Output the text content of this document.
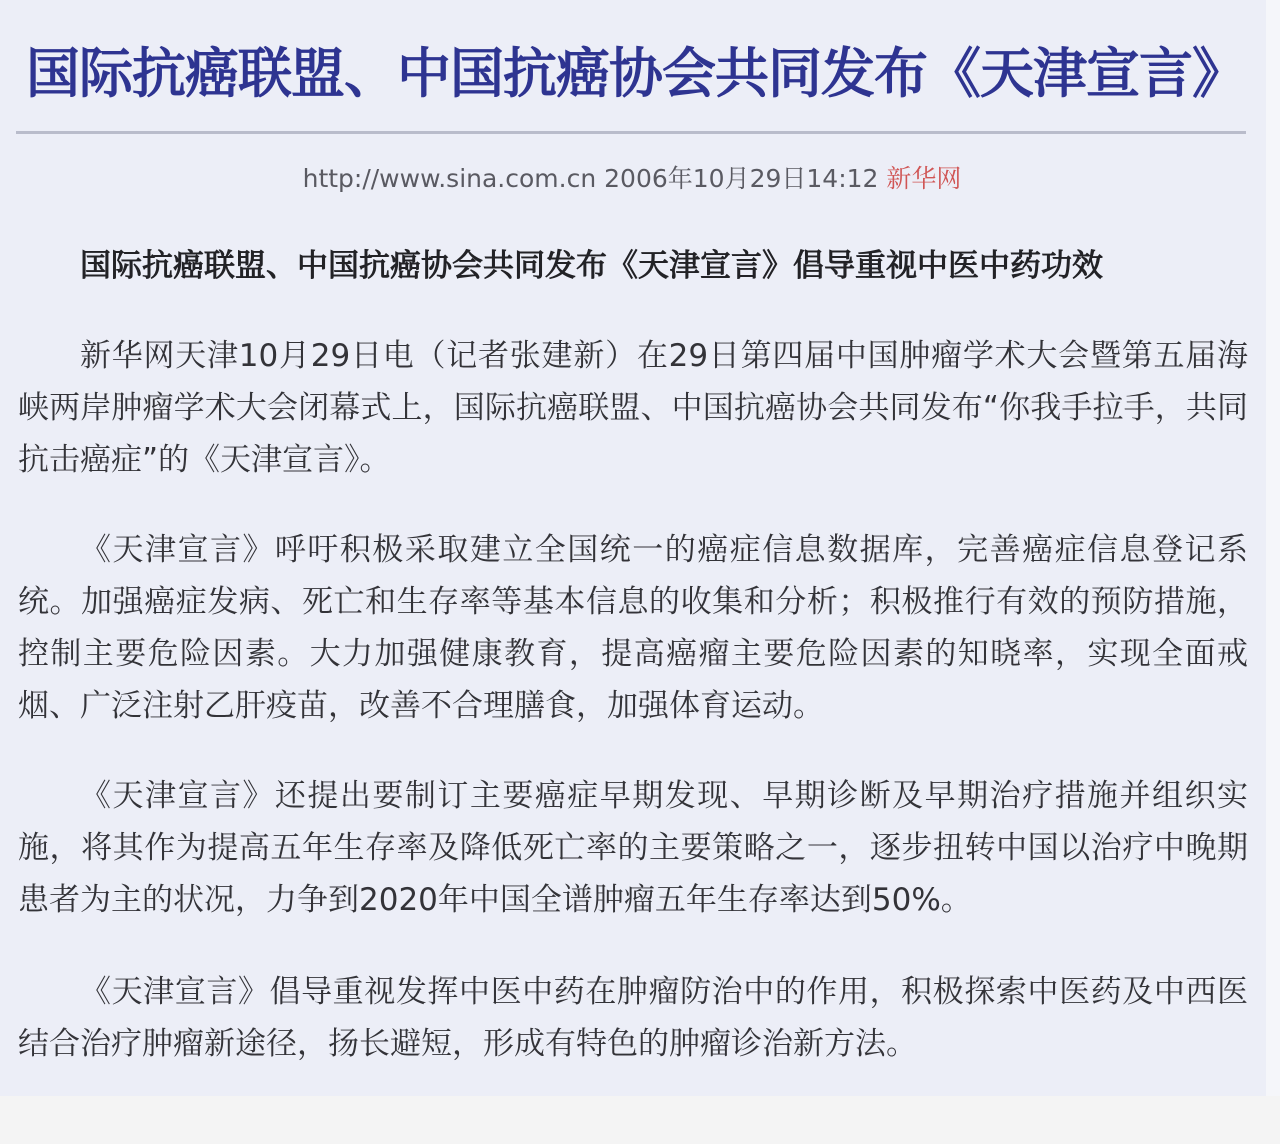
国际抗癌联盟、中国抗癌协会共同发布《天津宣言》
http://www.sina.com.cn 2006年10月29日14:12 新华网
国际抗癌联盟、中国抗癌协会共同发布《天津宣言》倡导重视中医中药功效

新华网天津10月29日电（记者张建新）在29日第四届中国肿瘤学术大会暨第五届海峡两岸肿瘤学术大会闭幕式上，国际抗癌联盟、中国抗癌协会共同发布“你我手拉手，共同抗击癌症”的《天津宣言》。

《天津宣言》呼吁积极采取建立全国统一的癌症信息数据库，完善癌症信息登记系统。加强癌症发病、死亡和生存率等基本信息的收集和分析；积极推行有效的预防措施，控制主要危险因素。大力加强健康教育，提高癌瘤主要危险因素的知晓率，实现全面戒烟、广泛注射乙肝疫苗，改善不合理膳食，加强体育运动。

《天津宣言》还提出要制订主要癌症早期发现、早期诊断及早期治疗措施并组织实施，将其作为提高五年生存率及降低死亡率的主要策略之一，逐步扭转中国以治疗中晚期患者为主的状况，力争到2020年中国全谱肿瘤五年生存率达到50%。

《天津宣言》倡导重视发挥中医中药在肿瘤防治中的作用，积极探索中医药及中西医结合治疗肿瘤新途径，扬长避短，形成有特色的肿瘤诊治新方法。
